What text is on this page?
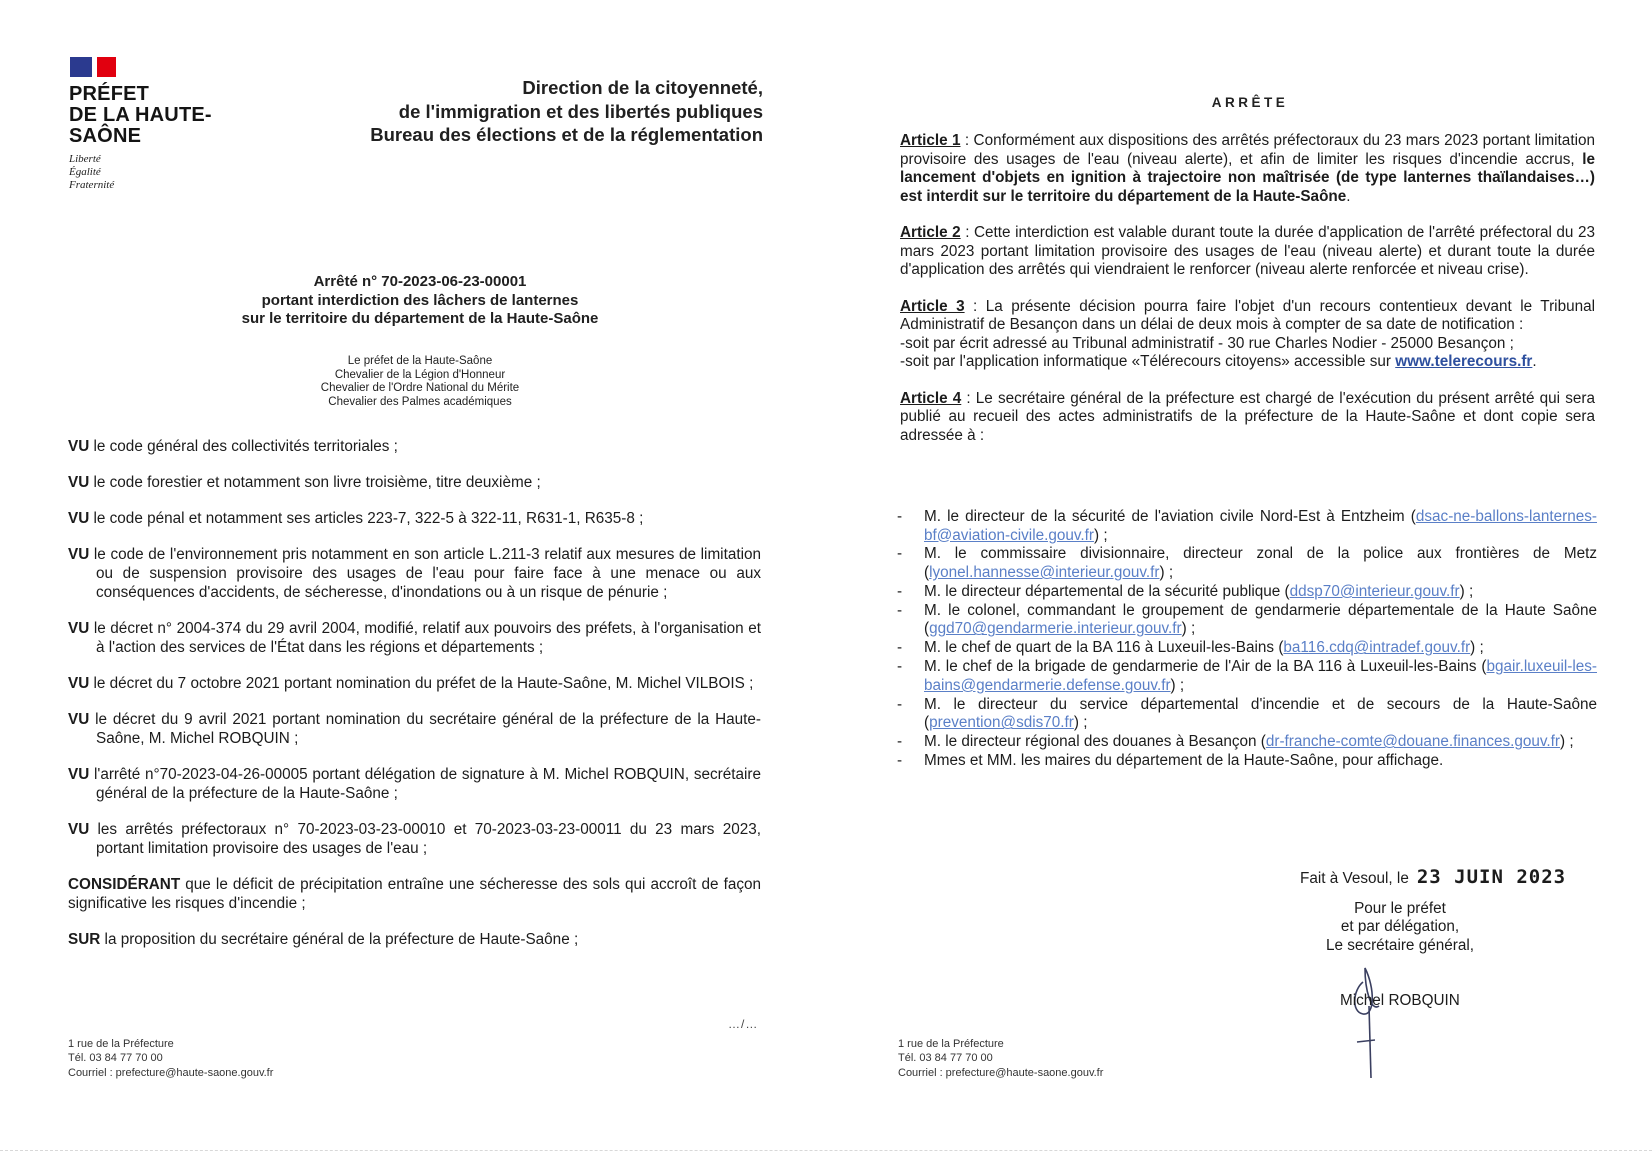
PRÉFET
DE LA HAUTE-
SAÔNE
Liberté
Égalité
Fraternité
Direction de la citoyenneté,
de l'immigration et des libertés publiques
Bureau des élections et de la réglementation
Arrêté n° 70-2023-06-23-00001
portant interdiction des lâchers de lanternes
sur le territoire du département de la Haute-Saône
Le préfet de la Haute-Saône
Chevalier de la Légion d'Honneur
Chevalier de l'Ordre National du Mérite
Chevalier des Palmes académiques
VU le code général des collectivités territoriales ;
VU le code forestier et notamment son livre troisième, titre deuxième ;
VU le code pénal et notamment ses articles 223-7, 322-5 à 322-11, R631-1, R635-8 ;
VU le code de l'environnement pris notamment en son article L.211-3 relatif aux mesures de limitation ou de suspension provisoire des usages de l'eau pour faire face à une menace ou aux conséquences d'accidents, de sécheresse, d'inondations ou à un risque de pénurie ;
VU le décret n° 2004-374 du 29 avril 2004, modifié, relatif aux pouvoirs des préfets, à l'organisation et à l'action des services de l'État dans les régions et départements ;
VU le décret du 7 octobre 2021 portant nomination du préfet de la Haute-Saône, M. Michel VILBOIS ;
VU le décret du 9 avril 2021 portant nomination du secrétaire général de la préfecture de la Haute-Saône, M. Michel ROBQUIN ;
VU l'arrêté n°70-2023-04-26-00005 portant délégation de signature à M. Michel ROBQUIN, secrétaire général de la préfecture de la Haute-Saône ;
VU les arrêtés préfectoraux n° 70-2023-03-23-00010 et 70-2023-03-23-00011 du 23 mars 2023, portant limitation provisoire des usages de l'eau ;
CONSIDÉRANT que le déficit de précipitation entraîne une sécheresse des sols qui accroît de façon significative les risques d'incendie ;
SUR la proposition du secrétaire général de la préfecture de Haute-Saône ;
…/…
1 rue de la Préfecture
Tél. 03 84 77 70 00
Courriel : prefecture@haute-saone.gouv.fr
ARRÊTE
Article 1 : Conformément aux dispositions des arrêtés préfectoraux du 23 mars 2023 portant limitation provisoire des usages de l'eau (niveau alerte), et afin de limiter les risques d'incendie accrus, le lancement d'objets en ignition à trajectoire non maîtrisée (de type lanternes thaïlandaises…) est interdit sur le territoire du département de la Haute-Saône.
Article 2 : Cette interdiction est valable durant toute la durée d'application de l'arrêté préfectoral du 23 mars 2023 portant limitation provisoire des usages de l'eau (niveau alerte) et durant toute la durée d'application des arrêtés qui viendraient le renforcer (niveau alerte renforcée et niveau crise).
Article 3 : La présente décision pourra faire l'objet d'un recours contentieux devant le Tribunal Administratif de Besançon dans un délai de deux mois à compter de sa date de notification :
-soit par écrit adressé au Tribunal administratif - 30 rue Charles Nodier - 25000 Besançon ;
-soit par l'application informatique «Télérecours citoyens» accessible sur www.telerecours.fr.
Article 4 : Le secrétaire général de la préfecture est chargé de l'exécution du présent arrêté qui sera publié au recueil des actes administratifs de la préfecture de la Haute-Saône et dont copie sera adressée à :
- M. le directeur de la sécurité de l'aviation civile Nord-Est à Entzheim (dsac-ne-ballons-lanternes-bf@aviation-civile.gouv.fr) ;
- M. le commissaire divisionnaire, directeur zonal de la police aux frontières de Metz (lyonel.hannesse@interieur.gouv.fr) ;
- M. le directeur départemental de la sécurité publique (ddsp70@interieur.gouv.fr) ;
- M. le colonel, commandant le groupement de gendarmerie départementale de la Haute Saône (ggd70@gendarmerie.interieur.gouv.fr) ;
- M. le chef de quart de la BA 116 à Luxeuil-les-Bains (ba116.cdq@intradef.gouv.fr) ;
- M. le chef de la brigade de gendarmerie de l'Air de la BA 116 à Luxeuil-les-Bains (bgair.luxeuil-les-bains@gendarmerie.defense.gouv.fr) ;
- M. le directeur du service départemental d'incendie et de secours de la Haute-Saône (prevention@sdis70.fr) ;
- M. le directeur régional des douanes à Besançon (dr-franche-comte@douane.finances.gouv.fr) ;
- Mmes et MM. les maires du département de la Haute-Saône, pour affichage.
Fait à Vesoul, le 23 JUIN 2023
Pour le préfet
et par délégation,
Le secrétaire général,
Michel ROBQUIN
1 rue de la Préfecture
Tél. 03 84 77 70 00
Courriel : prefecture@haute-saone.gouv.fr
